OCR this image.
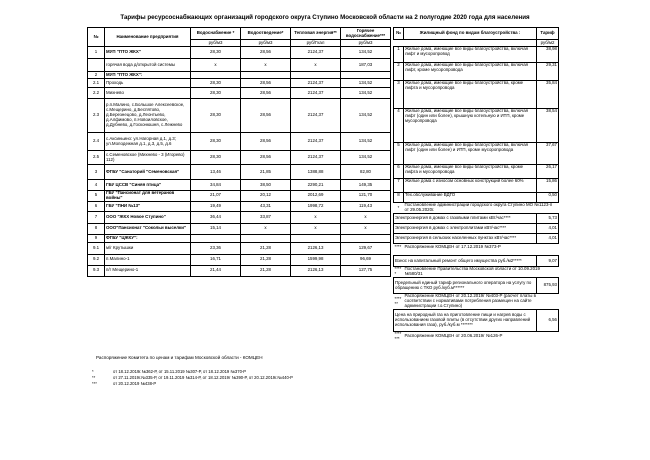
Тарифы ресурсоснабжающих организаций городского округа Ступино Московской области на 2 полугодие 2020 года для населения
№	Наименование предприятия	Водоснабжение *	Водоотведение*	Тепловая энергия**	Горячее водоснабжение***
		руб/м3	руб/м3	руб/Гкал	руб/м3
1	МУП "ПТО ЖКХ"	28,30	28,56	2124,37	134,52
	горячая вода д/открытой системы	x	x	x	187,03
2	МУП "ПТО ЖКХ":				
2.1	Проходь	28,30	28,56	2124,37	134,52
2.2	Михнево	28,30	28,56	2124,37	134,52
2.3	р.п.Малино, с.Большое Алексеевское, с.Мещерино, д.Беспятово, д.Березнецово, д.Леонтьево, д.Алфимово, п.Новоиловское, д.Дубнево, д.Госконюшня, с.Лежнево	28,30	28,56	2124,37	134,52
2.4	с.Аксиньино: ул.Нагорная д.1, д.3; ул.Молодежная д.1, д.3, д.5, д.6	28,30	28,56	2124,37	134,52
2.5	с.Семеновское (Михнево - 3 (Игорево) 112)	28,30	28,56	2124,37	134,52
3	ФГБУ "Санаторий "Семеновская"	13,46	21,85	1388,88	82,80
4	ГБУ ЦССВ "Синяя птица"	34,84	38,50	2290,21	149,35
5	ГБУ "Пансионат для ветеранов войны"	21,07	20,12	2012,69	121,70
6	ГБУ "ПНИ №13"	19,49	43,31	1998,72	119,43
7	ООО "ЖКХ Новое Ступино"	36,44	33,87	x	x
8	ООО"Пансионат "Сокольи выселки"	15,14	x	x	x
9	ФГБУ "ЦЖКУ":				
9.1	м/г Крутышки	23,36	21,28	2126,13	129,67
9.2	п.Малино-1	16,71	21,28	1599,98	96,69
9.3	п/г Мещерино-1	21,44	21,28	2126,13	127,75
№	Жилищный фонд по видам благоустройства :	Тариф
		руб/м2
1	Жилые дома, имеющие все виды благоустройства, включая лифт и мусоропровод	38,98
2	Жилые дома, имеющие все виды благоустройства, включая лифт, кроме мусоропровода	29,31
3	Жилые дома, имеющие все виды благоустройства, кроме лифта и мусоропровода	35,84
4	Жилые дома, имеющие все виды благоустройства, включая лифт (один или более), крышную котельную и ИТП, кроме мусоропровода	38,54
5	Жилые дома, имеющие все виды благоустройства, включая лифт (один или более) и ИТП, кроме мусоропровода	37,67
6	Жилые дома, имеющие все виды благоустройства, кроме лифта и мусоропровода	26,17
7	Жилые дома с износом основных конструкций более 60%	15,86
8	Тех.обслуживание ВДГО	0,50
*	Постановление администрации городского округа Ступино МО №1123-п от 29.05.2020г.	
Электроэнергия в домах с газовыми плитами кВт/час****		5,73
Электроэнергия в домах с электроплитами кВт/час****		4,01
Электроэнергия в сельских населенных пунктах кВт/час****		4,01
****	Распоряжение КОМЦЕН от 17.12.2019 №373-Р	

Взнос на капитальный ремонт общего имущества руб./м2*****		9,07
*****	Постановление Правительства Московской области от 10.09.2019 №580/31	
Предельный единый тариф регионального оператора на услугу по обращению с ТКО руб./куб.м******		875,93
******	Распоряжение КОМЦЕН от 20.12.2019г №403-Р (расчет платы в соответствии с нормативами потребления размещен на сайте администрации г.о.Ступино)	
Цена на природный газ на приготовление пищи и нагрев воды с использованием газовой плиты (в отсутствии других направлений использования газа), руб./куб.м *******		6,56
*******	Распоряжение КОМЦЕН от 20.06.2019г №126-Р	
Распоряжение Комитета по ценам и тарифам Московской области - КОМЦЕН
*	от 18.12.2019г.№362-Р, от 15.11.2019 №307-Р, от 18.12.2019 №370-Р
**	от 27.11.2019г.№335-Р, от 19.11.2019 №314-Р, от 18.12.2019г №390-Р, от 20.12.2019г.№440-Р
***	от 20.12.2019 №438-Р
